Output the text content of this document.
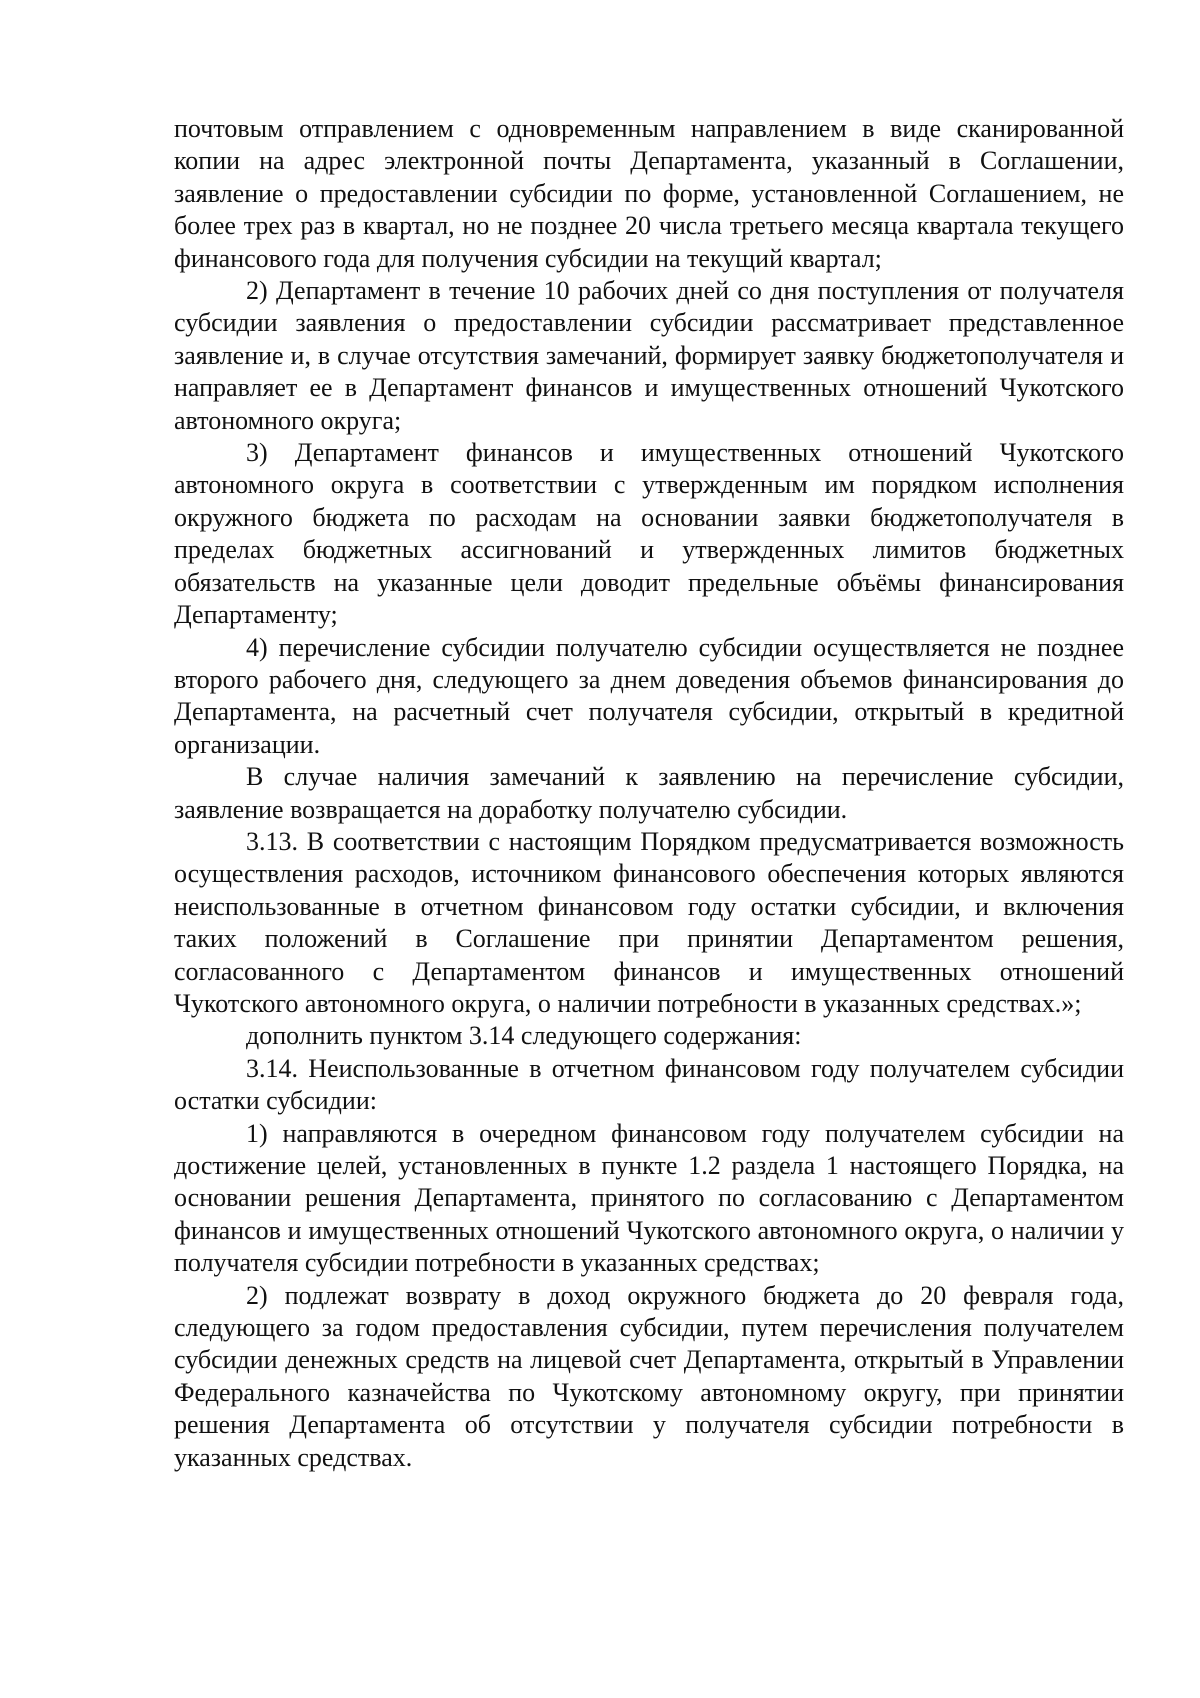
почтовым отправлением с одновременным направлением в виде сканированной копии на адрес электронной почты Департамента, указанный в Соглашении, заявление о предоставлении субсидии по форме, установленной Соглашением, не более трех раз в квартал, но не позднее 20 числа третьего месяца квартала текущего финансового года для получения субсидии на текущий квартал;

2) Департамент в течение 10 рабочих дней со дня поступления от получателя субсидии заявления о предоставлении субсидии рассматривает представленное заявление и, в случае отсутствия замечаний, формирует заявку бюджетополучателя и направляет ее в Департамент финансов и имущественных отношений Чукотского автономного округа;

3) Департамент финансов и имущественных отношений Чукотского автономного округа в соответствии с утвержденным им порядком исполнения окружного бюджета по расходам на основании заявки бюджетополучателя в пределах бюджетных ассигнований и утвержденных лимитов бюджетных обязательств на указанные цели доводит предельные объёмы финансирования Департаменту;

4) перечисление субсидии получателю субсидии осуществляется не позднее второго рабочего дня, следующего за днем доведения объемов финансирования до Департамента, на расчетный счет получателя субсидии, открытый в кредитной организации.

В случае наличия замечаний к заявлению на перечисление субсидии, заявление возвращается на доработку получателю субсидии.

3.13. В соответствии с настоящим Порядком предусматривается возможность осуществления расходов, источником финансового обеспечения которых являются неиспользованные в отчетном финансовом году остатки субсидии, и включения таких положений в Соглашение при принятии Департаментом решения, согласованного с Департаментом финансов и имущественных отношений Чукотского автономного округа, о наличии потребности в указанных средствах.»;

дополнить пунктом 3.14 следующего содержания:

3.14. Неиспользованные в отчетном финансовом году получателем субсидии остатки субсидии:

1) направляются в очередном финансовом году получателем субсидии на достижение целей, установленных в пункте 1.2 раздела 1 настоящего Порядка, на основании решения Департамента, принятого по согласованию с Департаментом финансов и имущественных отношений Чукотского автономного округа, о наличии у получателя субсидии потребности в указанных средствах;

2) подлежат возврату в доход окружного бюджета до 20 февраля года, следующего за годом предоставления субсидии, путем перечисления получателем субсидии денежных средств на лицевой счет Департамента, открытый в Управлении Федерального казначейства по Чукотскому автономному округу, при принятии решения Департамента об отсутствии у получателя субсидии потребности в указанных средствах.
